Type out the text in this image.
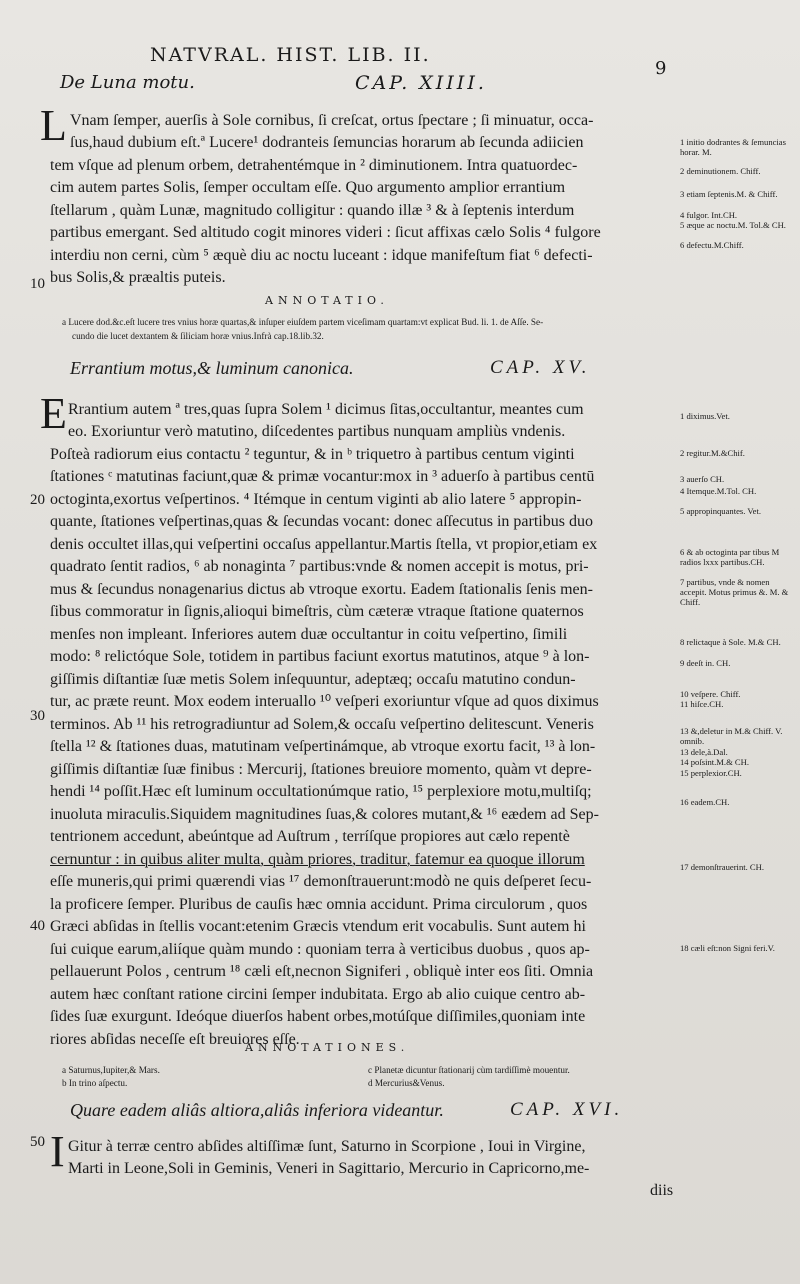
NATVRAL. HIST. LIB. II.
9
De Luna motu.	CAP. XIIII.
L Vnam ſemper, auerſis à Sole cornibus, ſi creſcat, ortus ſpectare ; ſi minuatur, occa-
ſus,haud dubium eſt.ª Lucere¹ dodranteis ſemuncias horarum ab ſecunda adiicien
tem vſque ad plenum orbem, detrahentémque in ² diminutionem. Intra quatuordec-
cim autem partes Solis, ſemper occultam eſſe. Quo argumento amplior errantium
ſtellarum , quàm Lunæ, magnitudo colligitur : quando illæ ³ & à ſeptenis interdum
partibus emergant. Sed altitudo cogit minores videri : ſicut affixas cælo Solis ⁴ fulgore
interdiu non cerni, cùm ⁵ æquè diu ac noctu luceant : idque manifeſtum fiat ⁶ defecti-
bus Solis,& præaltis puteis.
10
1 initio dodrantes & ſemuncias horar. M.
2 deminutionem. Chiff.
3 etiam ſeptenis.M. & Chiff.
4 fulgor. Int.CH.
5 æque ac noctu.M. Tol.& CH.
6 defectu.M.Chiff.
ANNOTATIO.
a Lucere dod.&c.eſt lucere tres vnius horæ quartas,& inſuper eiuſdem partem viceſimam quartam:vt explicat Bud. li. 1. de Aſſe. Se-
cundo die lucet dextantem & ſiliciam horæ vnius.Infrà cap.18.lib.32.
Errantium motus,& luminum canonica.	CAP. XV.
E Rrantium autem ª tres,quas ſupra Solem ¹ dicimus ſitas,occultantur, meantes cum
eo. Exoriuntur verò matutino, diſcedentes partibus nunquam ampliùs vndenis.
Poſteà radiorum eius contactu ² teguntur, & in ᵇ triquetro à partibus centum viginti
ſtationes ᶜ matutinas faciunt,quæ & primæ vocantur:mox in ³ aduerſo à partibus centū
octoginta,exortus veſpertinos. ⁴ Itémque in centum viginti ab alio latere ⁵ appropin-
quante, ſtationes veſpertinas,quas & ſecundas vocant: donec aſſecutus in partibus duo
denis occultet illas,qui veſpertini occaſus appellantur.Martis ſtella, vt propior,etiam ex
quadrato ſentit radios, ⁶ ab nonaginta ⁷ partibus:vnde & nomen accepit is motus, pri-
mus & ſecundus nonagenarius dictus ab vtroque exortu. Eadem ſtationalis ſenis men-
ſibus commoratur in ſignis,alioqui bimeſtris, cùm cæteræ vtraque ſtatione quaternos
menſes non impleant. Inferiores autem duæ occultantur in coitu veſpertino, ſimili
modo: ⁸ relictóque Sole, totidem in partibus faciunt exortus matutinos, atque ⁹ à lon-
giſſimis diſtantiæ ſuæ metis Solem inſequuntur, adeptæq; occaſu matutino condun-
tur, ac præte reunt. Mox eodem interuallo ¹⁰ veſperi exoriuntur vſque ad quos diximus
terminos. Ab ¹¹ his retrogradiuntur ad Solem,& occaſu veſpertino delitescunt. Veneris
ſtella ¹² & ſtationes duas, matutinam veſpertinámque, ab vtroque exortu facit, ¹³ à lon-
giſſimis diſtantiæ ſuæ finibus : Mercurij, ſtationes breuiore momento, quàm vt depre-
hendi ¹⁴ poſſit.Hæc eſt luminum occultationúmque ratio, ¹⁵ perplexiore motu,multiſq;
inuoluta miraculis.Siquidem magnitudines ſuas,& colores mutant,& ¹⁶ eædem ad Sep-
tentrionem accedunt, abeúntque ad Auſtrum , terríſque propiores aut cælo repentè
cernuntur : in quibus aliter multa, quàm priores, traditur, fatemur ea quoque illorum
eſſe muneris,qui primi quærendi vias ¹⁷ demonſtrauerunt:modò ne quis deſperet ſecu-
la proficere ſemper. Pluribus de cauſis hæc omnia accidunt. Prima circulorum , quos
Græci abſidas in ſtellis vocant:etenim Græcis vtendum erit vocabulis. Sunt autem hi
ſui cuique earum,aliíque quàm mundo : quoniam terra à verticibus duobus , quos ap-
pellauerunt Polos , centrum ¹⁸ cæli eſt,necnon Signiferi , obliquè inter eos ſiti. Omnia
autem hæc conſtant ratione circini ſemper indubitata. Ergo ab alio cuique centro ab-
ſides ſuæ exurgunt. Ideóque diuerſos habent orbes,motúſque diſſimiles,quoniam inte
riores abſidas neceſſe eſt breuiores eſſe.
20
30
40
1 diximus.Vet.
2 regitur.M.&Chif.
3 auerſo CH.
4 Itemque.M.Tol. CH.
5 appropinquantes. Vet.
6 & ab octoginta par tibus M radios lxxx partibus.CH.
7 partibus, vnde & nomen accepit. Motus primus &. M. & Chiff.
8 relictaque à Sole. M.& CH.
9 deeſt in. CH.
10 veſpere. Chiff.
11 hiſce.CH.
13 &,deletur in M.& Chiff. V. omnib.
13 dele,à.Dal.
14 poſsint.M.& CH.
15 perplexior.CH.
16 eadem.CH.
17 demonſtrauerint. CH.
18 cæli eſt:non Signi feri.V.
ANNOTATIONES.
a Saturnus,Iupiter,& Mars.
b In trino aſpectu.
c Planetæ dicuntur ſtationarij cùm tardiſſimè mouentur.
d Mercurius&Venus.
Quare eadem aliâs altiora,aliâs inferiora videantur.	CAP. XVI.
I Gitur à terræ centro abſides altiſſimæ ſunt, Saturno in Scorpione , Ioui in Virgine,
Marti in Leone,Soli in Geminis, Veneri in Sagittario, Mercurio in Capricorno,me-
50
diis
